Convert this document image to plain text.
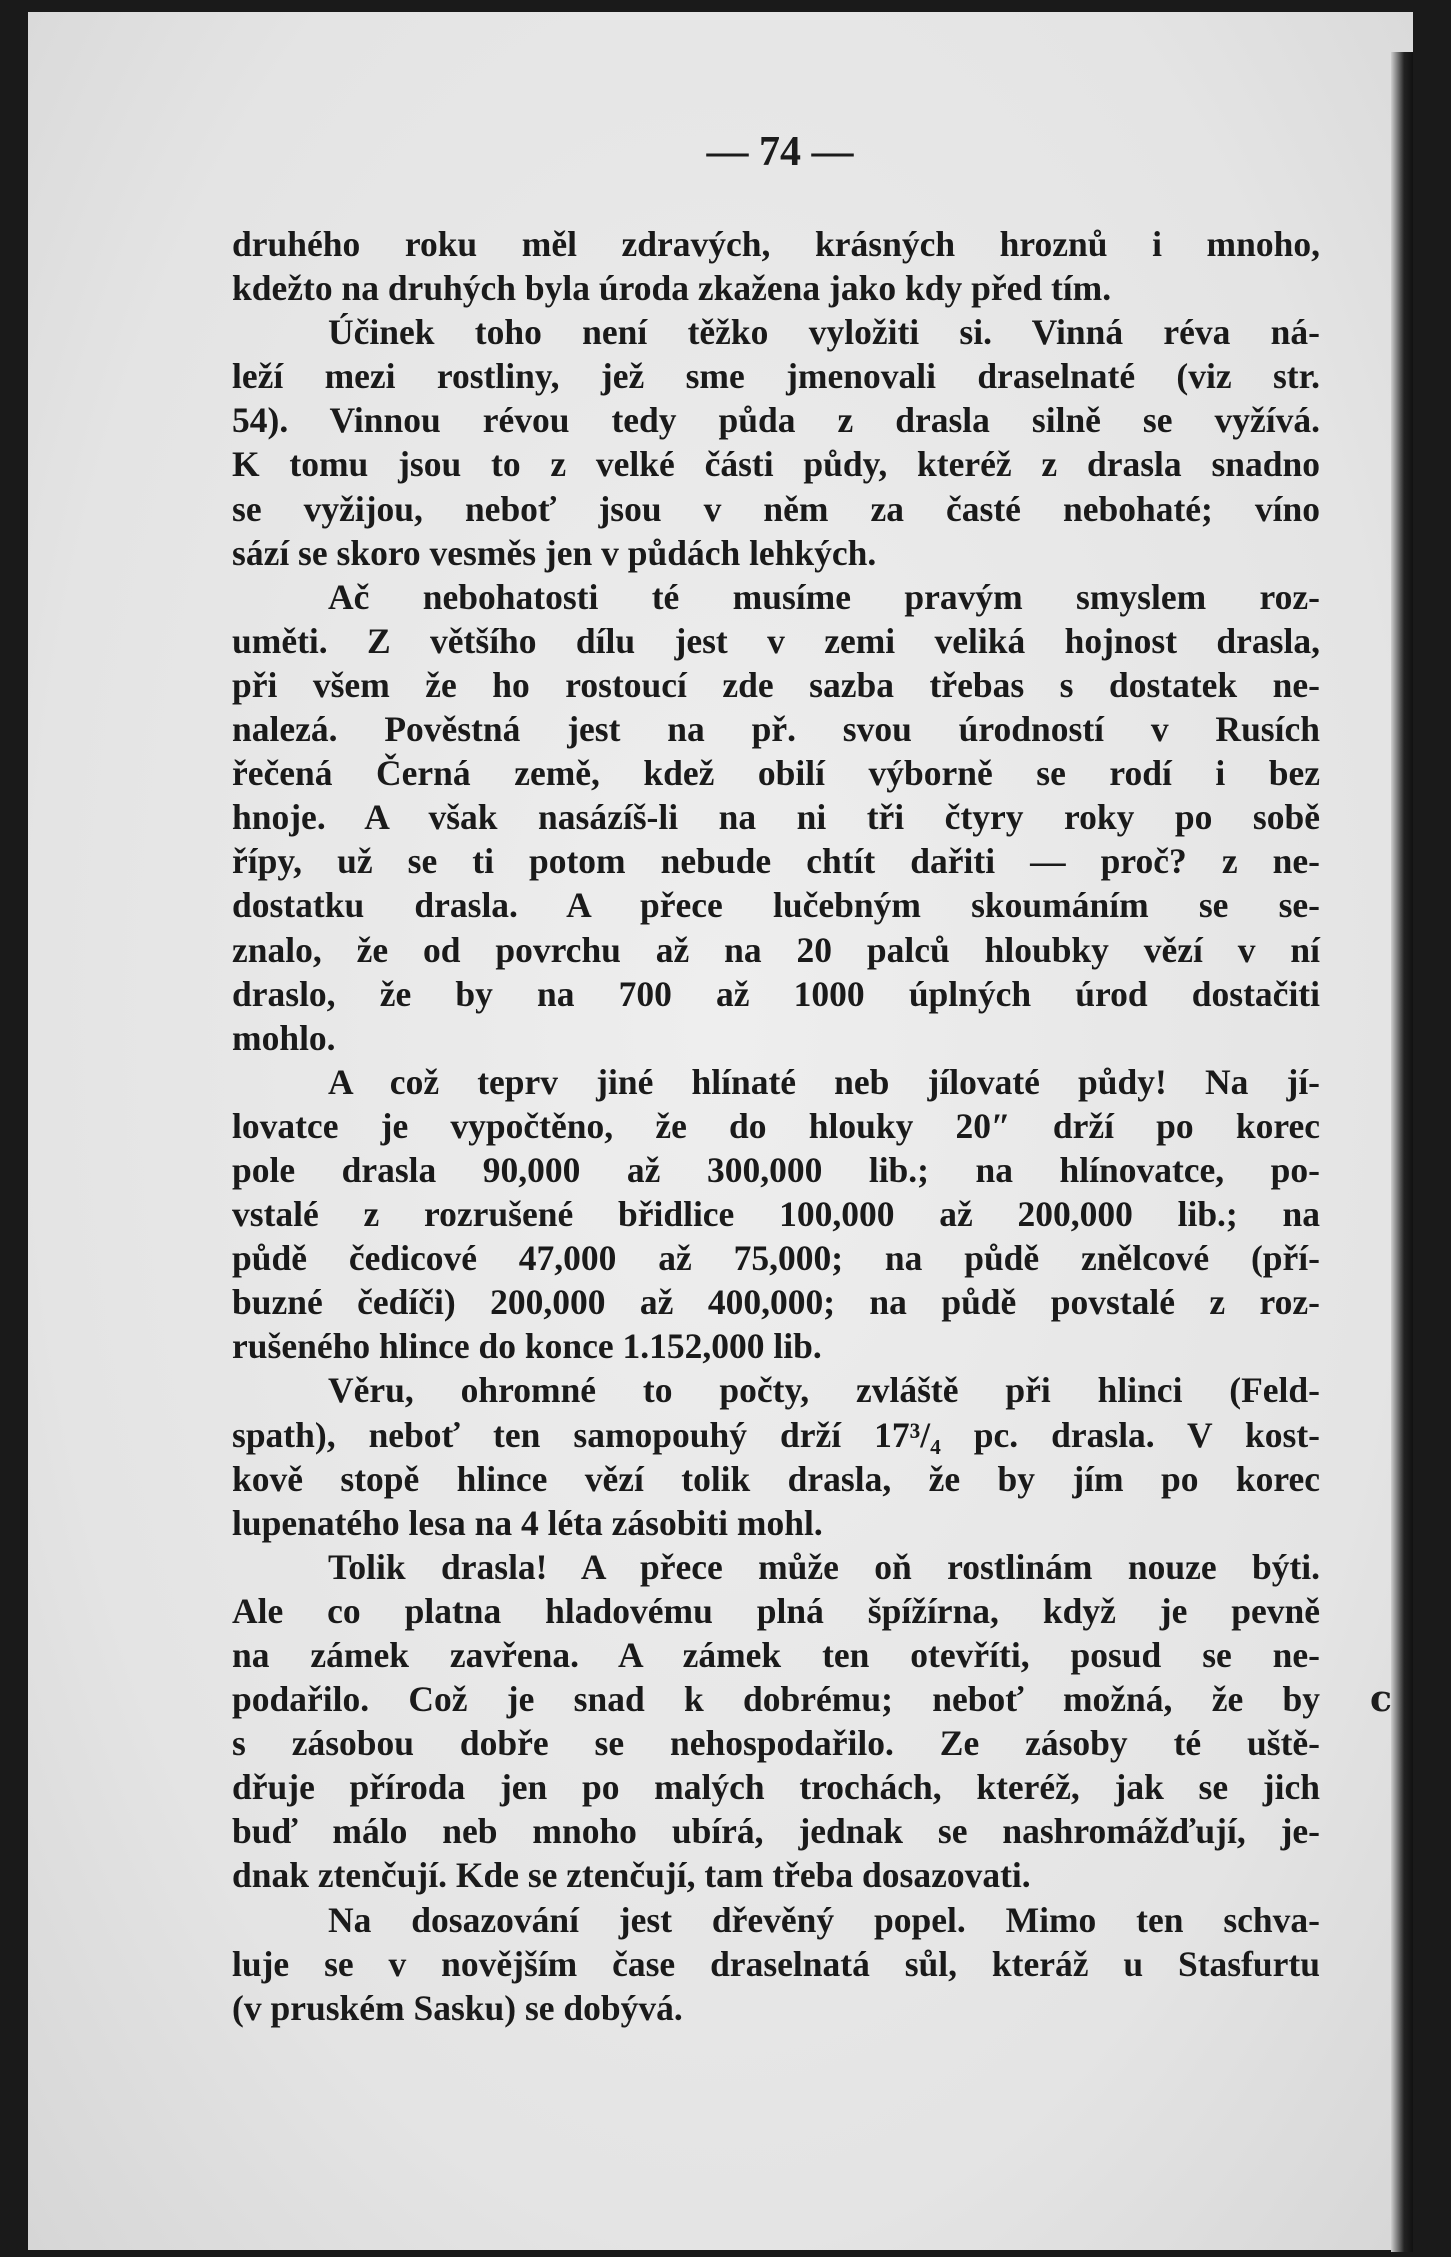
— 74 —
c
druhého roku měl zdravých, krásných hroznů i mnoho,
kdežto na druhých byla úroda zkažena jako kdy před tím.
Účinek toho není těžko vyložiti si. Vinná réva ná-
leží mezi rostliny, jež sme jmenovali draselnaté (viz str.
54). Vinnou révou tedy půda z drasla silně se vyžívá.
K tomu jsou to z velké části půdy, kteréž z drasla snadno
se vyžijou, neboť jsou v něm za časté nebohaté; víno
sází se skoro vesměs jen v půdách lehkých.
Ač nebohatosti té musíme pravým smyslem roz-
uměti. Z většího dílu jest v zemi veliká hojnost drasla,
při všem že ho rostoucí zde sazba třebas s dostatek ne-
nalezá. Pověstná jest na př. svou úrodností v Rusích
řečená Černá země, kdež obilí výborně se rodí i bez
hnoje. A však nasázíš-li na ni tři čtyry roky po sobě
řípy, už se ti potom nebude chtít dařiti — proč? z ne-
dostatku drasla. A přece lučebným skoumáním se se-
znalo, že od povrchu až na 20 palců hloubky vězí v ní
draslo, že by na 700 až 1000 úplných úrod dostačiti
mohlo.
A což teprv jiné hlínaté neb jílovaté půdy! Na jí-
lovatce je vypočtěno, že do hlouky 20″ drží po korec
pole drasla 90,000 až 300,000 lib.; na hlínovatce, po-
vstalé z rozrušené břidlice 100,000 až 200,000 lib.; na
půdě čedicové 47,000 až 75,000; na půdě znělcové (pří-
buzné čedíči) 200,000 až 400,000; na půdě povstalé z roz-
rušeného hlince do konce 1.152,000 lib.
Věru, ohromné to počty, zvláště při hlinci (Feld-
spath), neboť ten samopouhý drží 17³/₄ pc. drasla. V kost-
kově stopě hlince vězí tolik drasla, že by jím po korec
lupenatého lesa na 4 léta zásobiti mohl.
Tolik drasla! A přece může oň rostlinám nouze býti.
Ale co platna hladovému plná špížírna, když je pevně
na zámek zavřena. A zámek ten otevříti, posud se ne-
podařilo. Což je snad k dobrému; neboť možná, že by
s zásobou dobře se nehospodařilo. Ze zásoby té uště-
dřuje příroda jen po malých trochách, kteréž, jak se jich
buď málo neb mnoho ubírá, jednak se nashromážďují, je-
dnak ztenčují. Kde se ztenčují, tam třeba dosazovati.
Na dosazování jest dřevěný popel. Mimo ten schva-
luje se v novějším čase draselnatá sůl, kteráž u Stasfurtu
(v pruském Sasku) se dobývá.
